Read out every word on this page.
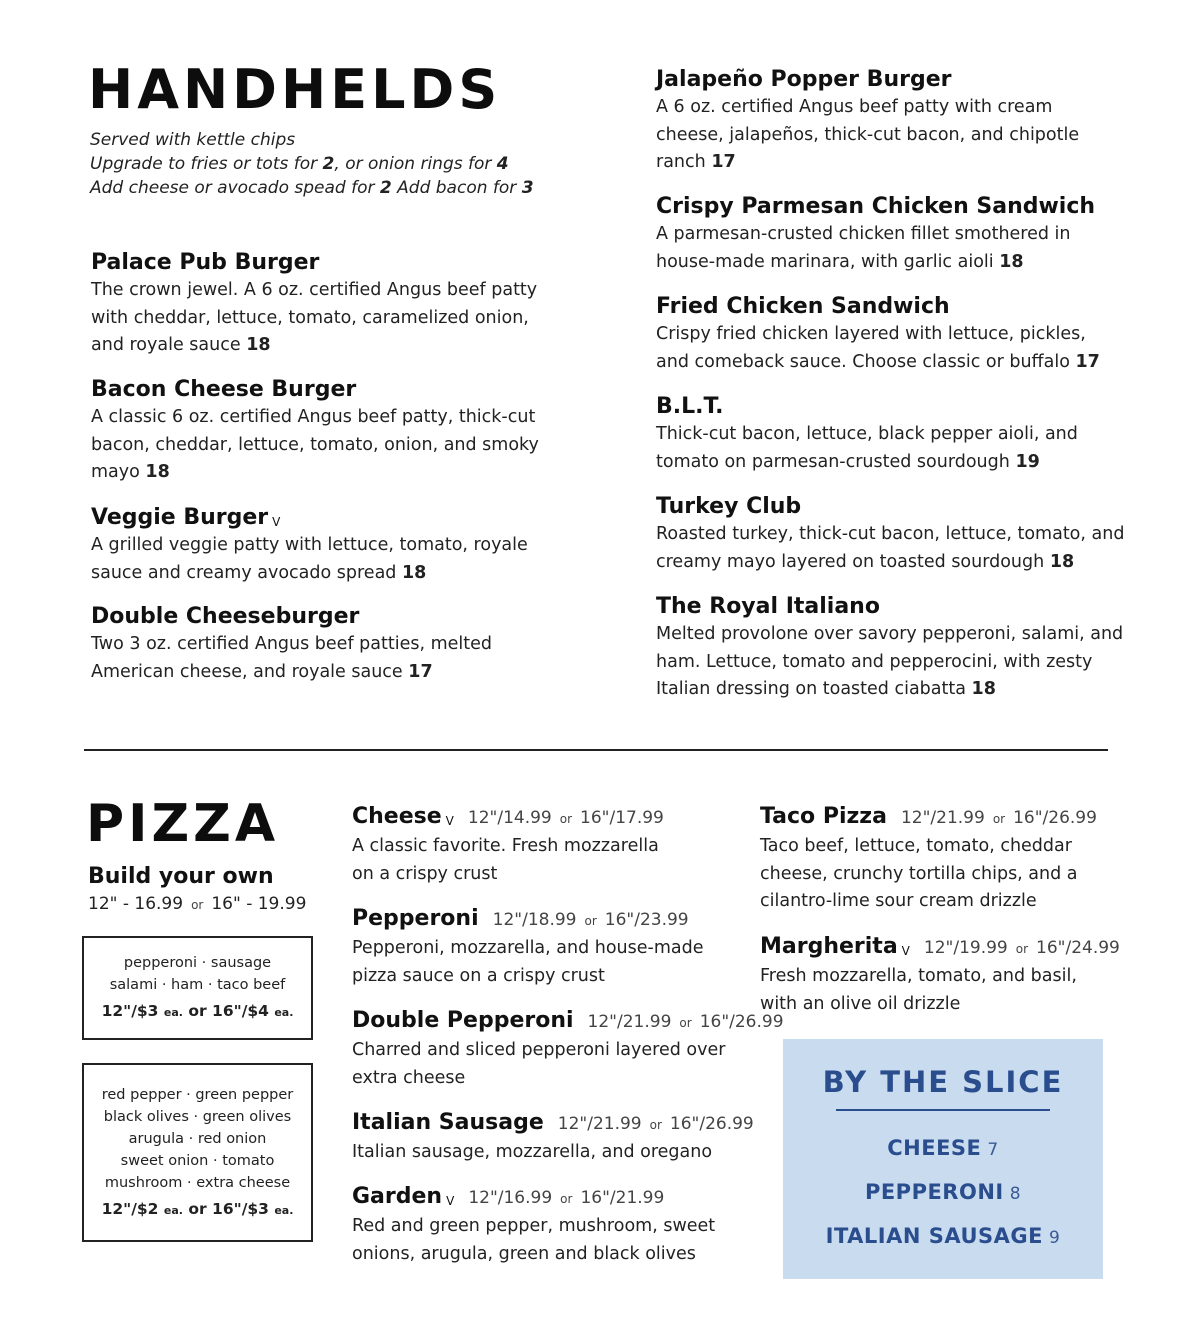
HANDHELDS
Served with kettle chips
Upgrade to fries or tots for 2, or onion rings for 4
Add cheese or avocado spead for 2 Add bacon for 3
Palace Pub Burger
The crown jewel. A 6 oz. certified Angus beef patty with cheddar, lettuce, tomato, caramelized onion, and royale sauce 18
Bacon Cheese Burger
A classic 6 oz. certified Angus beef patty, thick-cut bacon, cheddar, lettuce, tomato, onion, and smoky mayo 18
Veggie Burger $^V$
A grilled veggie patty with lettuce, tomato, royale sauce and creamy avocado spread 18
Double Cheeseburger
Two 3 oz. certified Angus beef patties, melted American cheese, and royale sauce 17
Jalapeño Popper Burger
A 6 oz. certified Angus beef patty with cream cheese, jalapeños, thick-cut bacon, and chipotle ranch 17
Crispy Parmesan Chicken Sandwich
A parmesan-crusted chicken fillet smothered in house-made marinara, with garlic aioli 18
Fried Chicken Sandwich
Crispy fried chicken layered with lettuce, pickles, and comeback sauce. Choose classic or buffalo 17
B.L.T.
Thick-cut bacon, lettuce, black pepper aioli, and tomato on parmesan-crusted sourdough 19
Turkey Club
Roasted turkey, thick-cut bacon, lettuce, tomato, and creamy mayo layered on toasted sourdough 18
The Royal Italiano
Melted provolone over savory pepperoni, salami, and ham. Lettuce, tomato and pepperocini, with zesty Italian dressing on toasted ciabatta 18
PIZZA
Build your own
12" - 16.99 or 16" - 19.99
pepperoni · sausage
salami · ham · taco beef
12"/$3 ea. or 16"/$4 ea.
red pepper · green pepper
black olives · green olives
arugula · red onion
sweet onion · tomato
mushroom · extra cheese
12"/$2 ea. or 16"/$3 ea.
Cheese $^V$ 12"/14.99 or 16"/17.99
A classic favorite. Fresh mozzarella on a crispy crust
Pepperoni 12"/18.99 or 16"/23.99
Pepperoni, mozzarella, and house-made pizza sauce on a crispy crust
Double Pepperoni 12"/21.99 or 16"/26.99
Charred and sliced pepperoni layered over extra cheese
Italian Sausage 12"/21.99 or 16"/26.99
Italian sausage, mozzarella, and oregano
Garden $^V$ 12"/16.99 or 16"/21.99
Red and green pepper, mushroom, sweet onions, arugula, green and black olives
Taco Pizza 12"/21.99 or 16"/26.99
Taco beef, lettuce, tomato, cheddar cheese, crunchy tortilla chips, and a cilantro-lime sour cream drizzle
Margherita $^V$ 12"/19.99 or 16"/24.99
Fresh mozzarella, tomato, and basil, with an olive oil drizzle
BY THE SLICE
CHEESE 7
PEPPERONI 8
ITALIAN SAUSAGE 9
